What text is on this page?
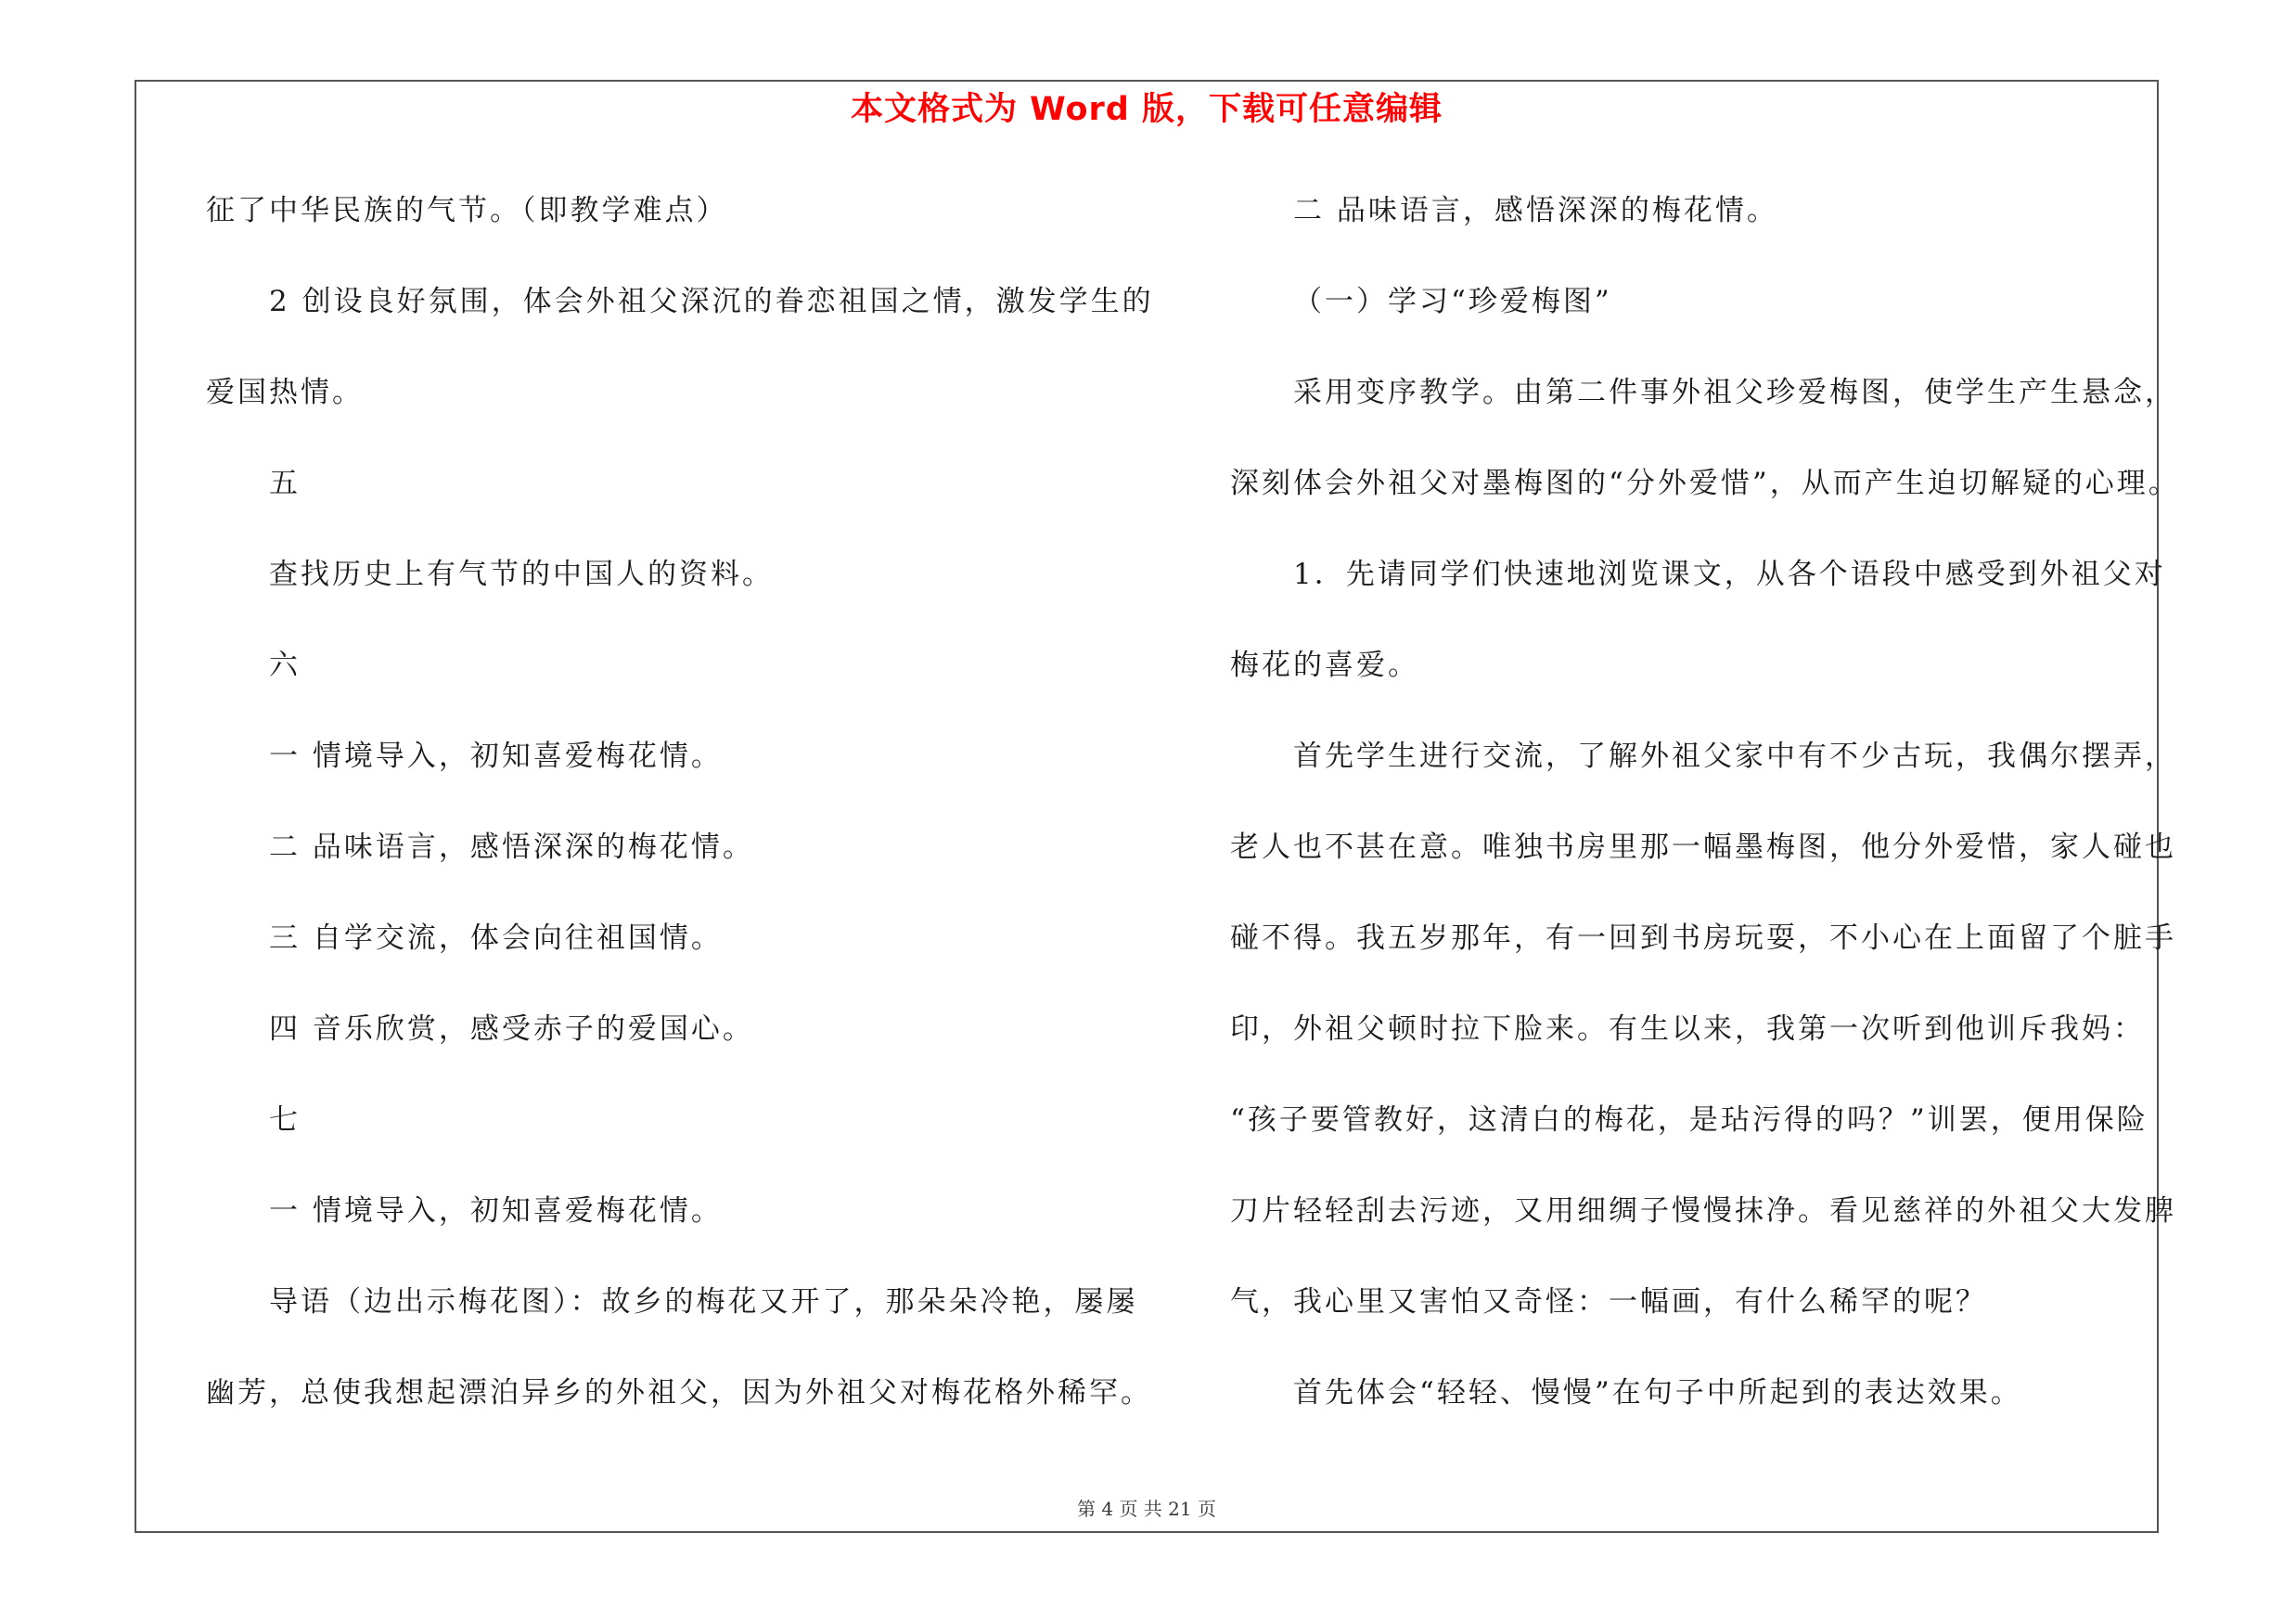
本文格式为 Word 版，下载可任意编辑
征了中华民族的气节。（即教学难点）
2 创设良好氛围，体会外祖父深沉的眷恋祖国之情，激发学生的
爱国热情。
五
查找历史上有气节的中国人的资料。
六
一 情境导入，初知喜爱梅花情。
二 品味语言，感悟深深的梅花情。
三 自学交流，体会向往祖国情。
四 音乐欣赏，感受赤子的爱国心。
七
一 情境导入，初知喜爱梅花情。
导语（边出示梅花图）：故乡的梅花又开了，那朵朵冷艳，屡屡
幽芳，总使我想起漂泊异乡的外祖父，因为外祖父对梅花格外稀罕。
二 品味语言，感悟深深的梅花情。
（一）学习“珍爱梅图”
采用变序教学。由第二件事外祖父珍爱梅图，使学生产生悬念，
深刻体会外祖父对墨梅图的“分外爱惜”，从而产生迫切解疑的心理。
1．先请同学们快速地浏览课文，从各个语段中感受到外祖父对
梅花的喜爱。
首先学生进行交流，了解外祖父家中有不少古玩，我偶尔摆弄，
老人也不甚在意。唯独书房里那一幅墨梅图，他分外爱惜，家人碰也
碰不得。我五岁那年，有一回到书房玩耍，不小心在上面留了个脏手
印，外祖父顿时拉下脸来。有生以来，我第一次听到他训斥我妈：
“孩子要管教好，这清白的梅花，是玷污得的吗？”训罢，便用保险
刀片轻轻刮去污迹，又用细绸子慢慢抹净。看见慈祥的外祖父大发脾
气，我心里又害怕又奇怪：一幅画，有什么稀罕的呢？
首先体会“轻轻、慢慢”在句子中所起到的表达效果。
第 4 页 共 21 页
